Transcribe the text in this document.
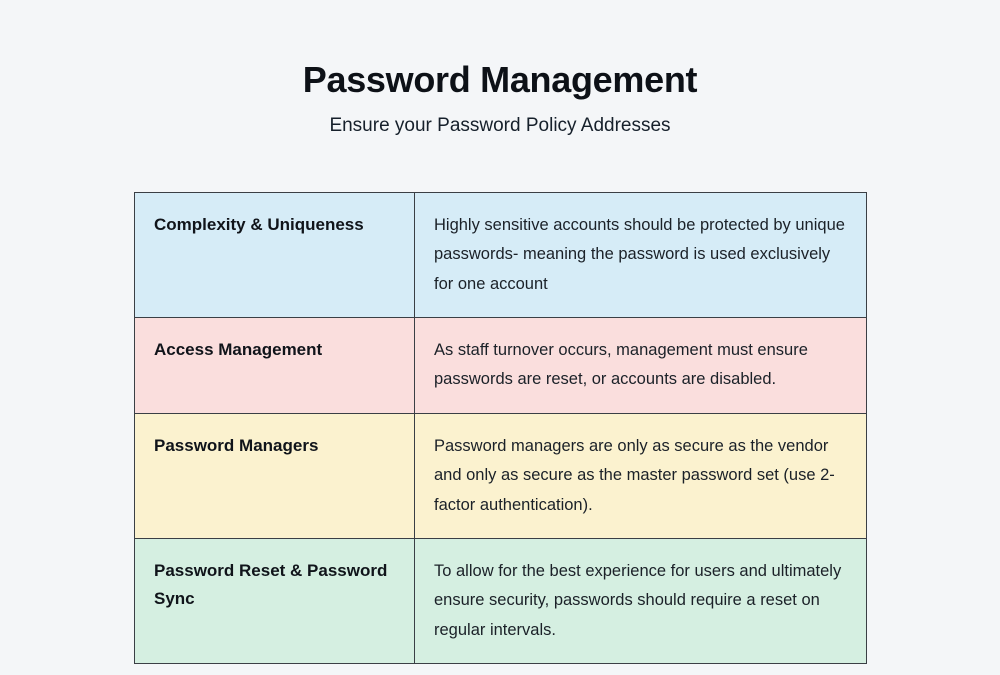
Password Management
Ensure your Password Policy Addresses
Complexity & Uniqueness	Highly sensitive accounts should be protected by unique passwords- meaning the password is used exclusively for one account
Access Management	As staff turnover occurs, management must ensure passwords are reset, or accounts are disabled.
Password Managers	Password managers are only as secure as the vendor and only as secure as the master password set (use 2-factor authentication).
Password Reset & Password Sync	To allow for the best experience for users and ultimately ensure security, passwords should require a reset on regular intervals.
